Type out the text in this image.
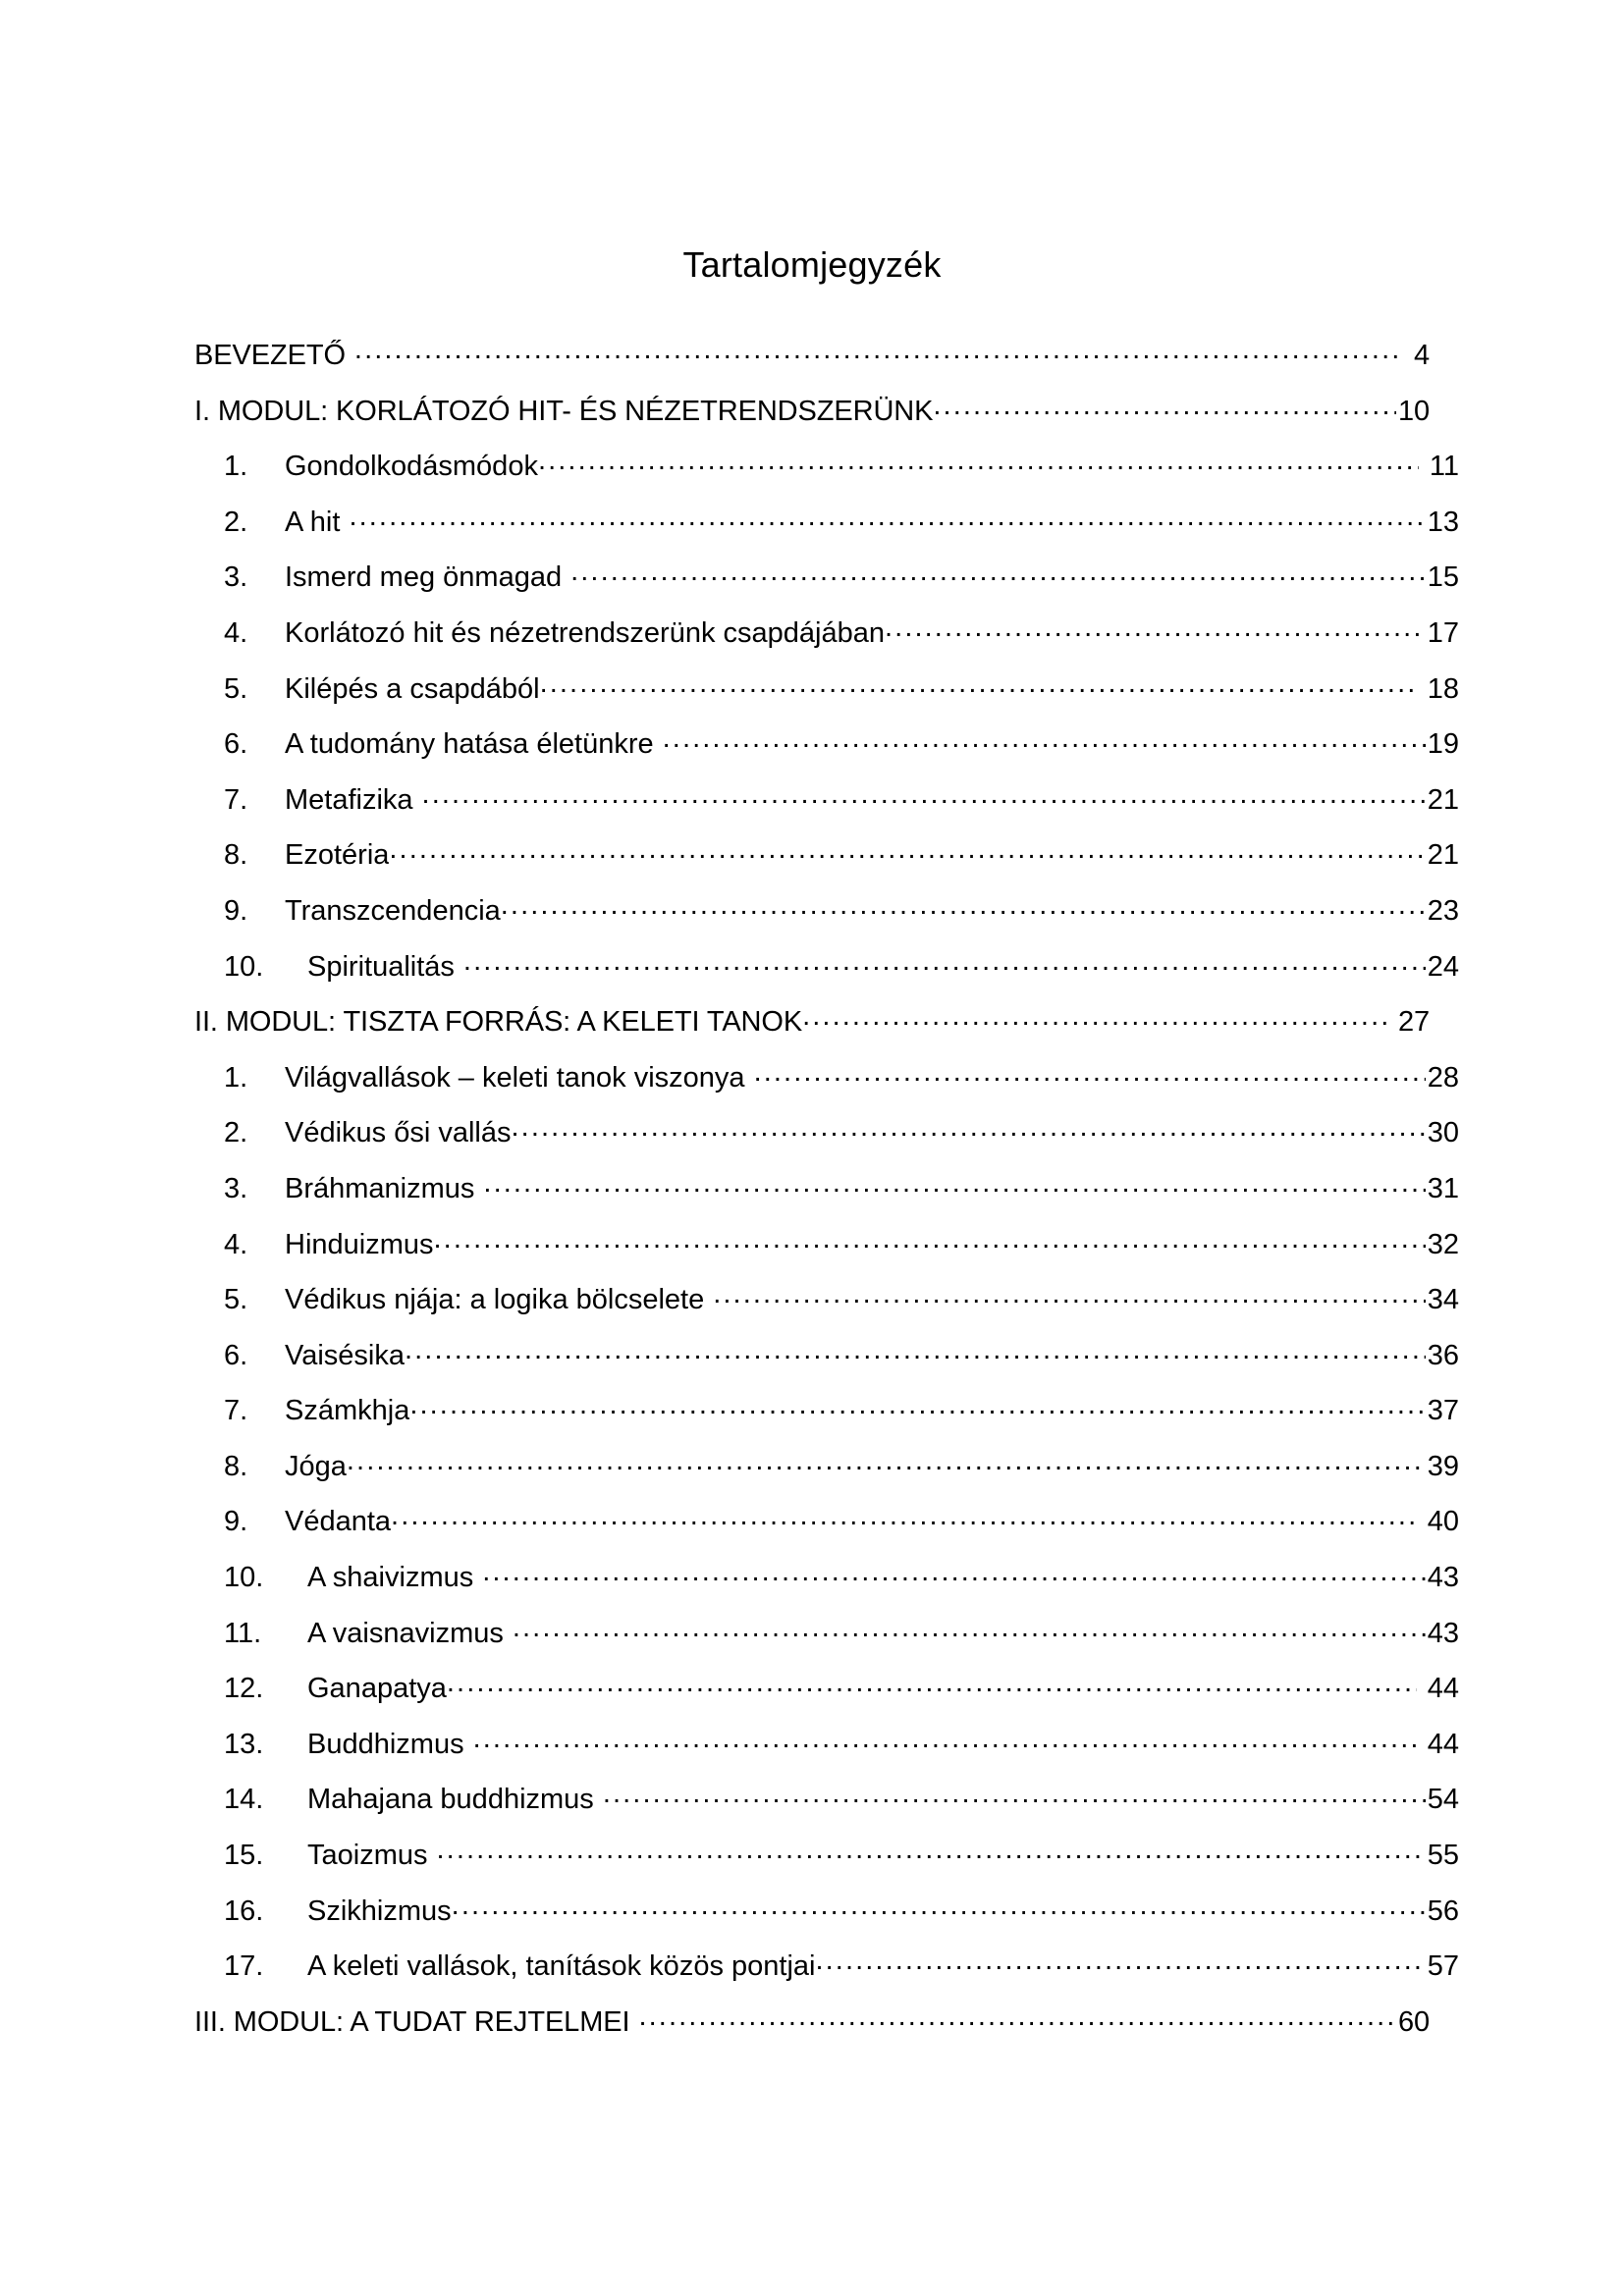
Tartalomjegyzék
BEVEZETŐ .....	4
I. MODUL: KORLÁTOZÓ HIT- ÉS NÉZETRENDSZERÜNK .....	10
1.	Gondolkodásmódok .....	11
2.	A hit .....	13
3.	Ismerd meg önmagad .....	15
4.	Korlátozó hit és nézetrendszerünk csapdájában .....	17
5.	Kilépés a csapdából .....	18
6.	A tudomány hatása életünkre .....	19
7.	Metafizika .....	21
8.	Ezotéria .....	21
9.	Transzcendencia .....	23
10.	Spiritualitás .....	24
II. MODUL: TISZTA FORRÁS: A KELETI TANOK .....	27
1.	Világvallások – keleti tanok viszonya .....	28
2.	Védikus ősi vallás .....	30
3.	Bráhmanizmus .....	31
4.	Hinduizmus .....	32
5.	Védikus njája: a logika bölcselete .....	34
6.	Vaisésika .....	36
7.	Számkhja .....	37
8.	Jóga .....	39
9.	Védanta .....	40
10.	A shaivizmus .....	43
11.	A vaisnavizmus .....	43
12.	Ganapatya .....	44
13.	Buddhizmus .....	44
14.	Mahajana buddhizmus .....	54
15.	Taoizmus .....	55
16.	Szikhizmus .....	56
17.	A keleti vallások, tanítások közös pontjai .....	57
III. MODUL: A TUDAT REJTELMEI .....	60
